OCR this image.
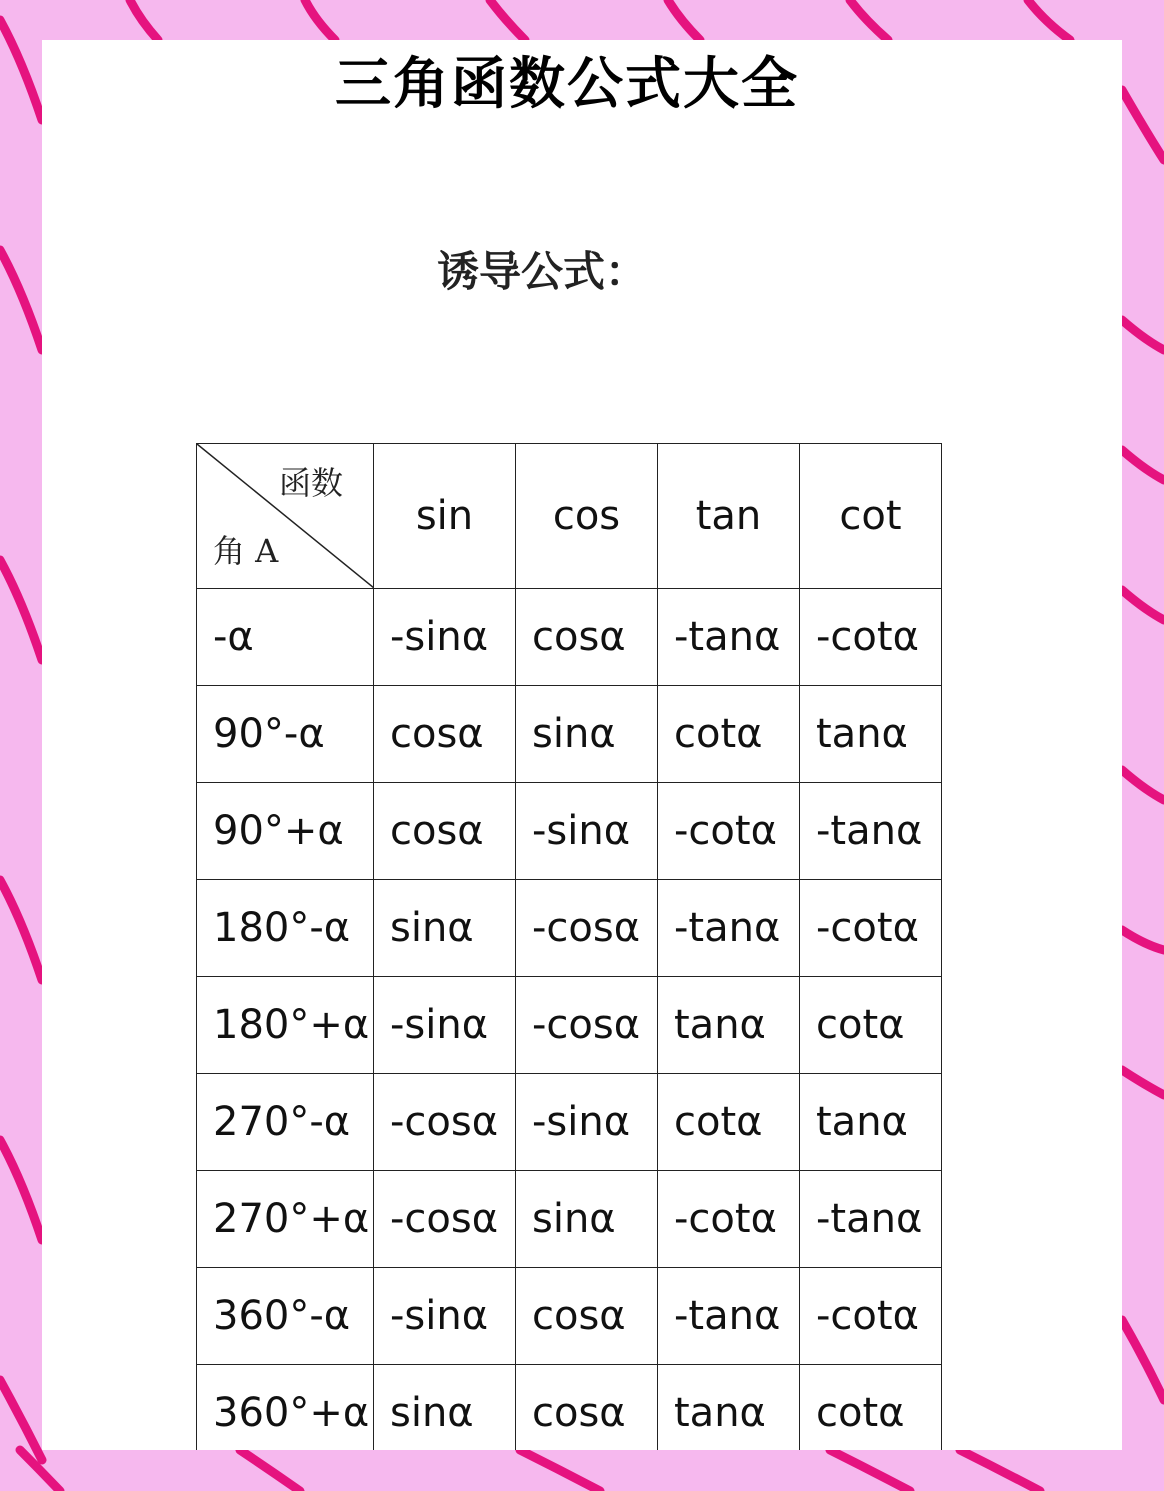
三角函数公式大全
诱导公式：
函数
角 A	sin	cos	tan	cot
-α	-sinα	cosα	-tanα	-cotα
90°-α	cosα	sinα	cotα	tanα
90°+α	cosα	-sinα	-cotα	-tanα
180°-α	sinα	-cosα	-tanα	-cotα
180°+α	-sinα	-cosα	tanα	cotα
270°-α	-cosα	-sinα	cotα	tanα
270°+α	-cosα	sinα	-cotα	-tanα
360°-α	-sinα	cosα	-tanα	-cotα
360°+α	sinα	cosα	tanα	cotα
